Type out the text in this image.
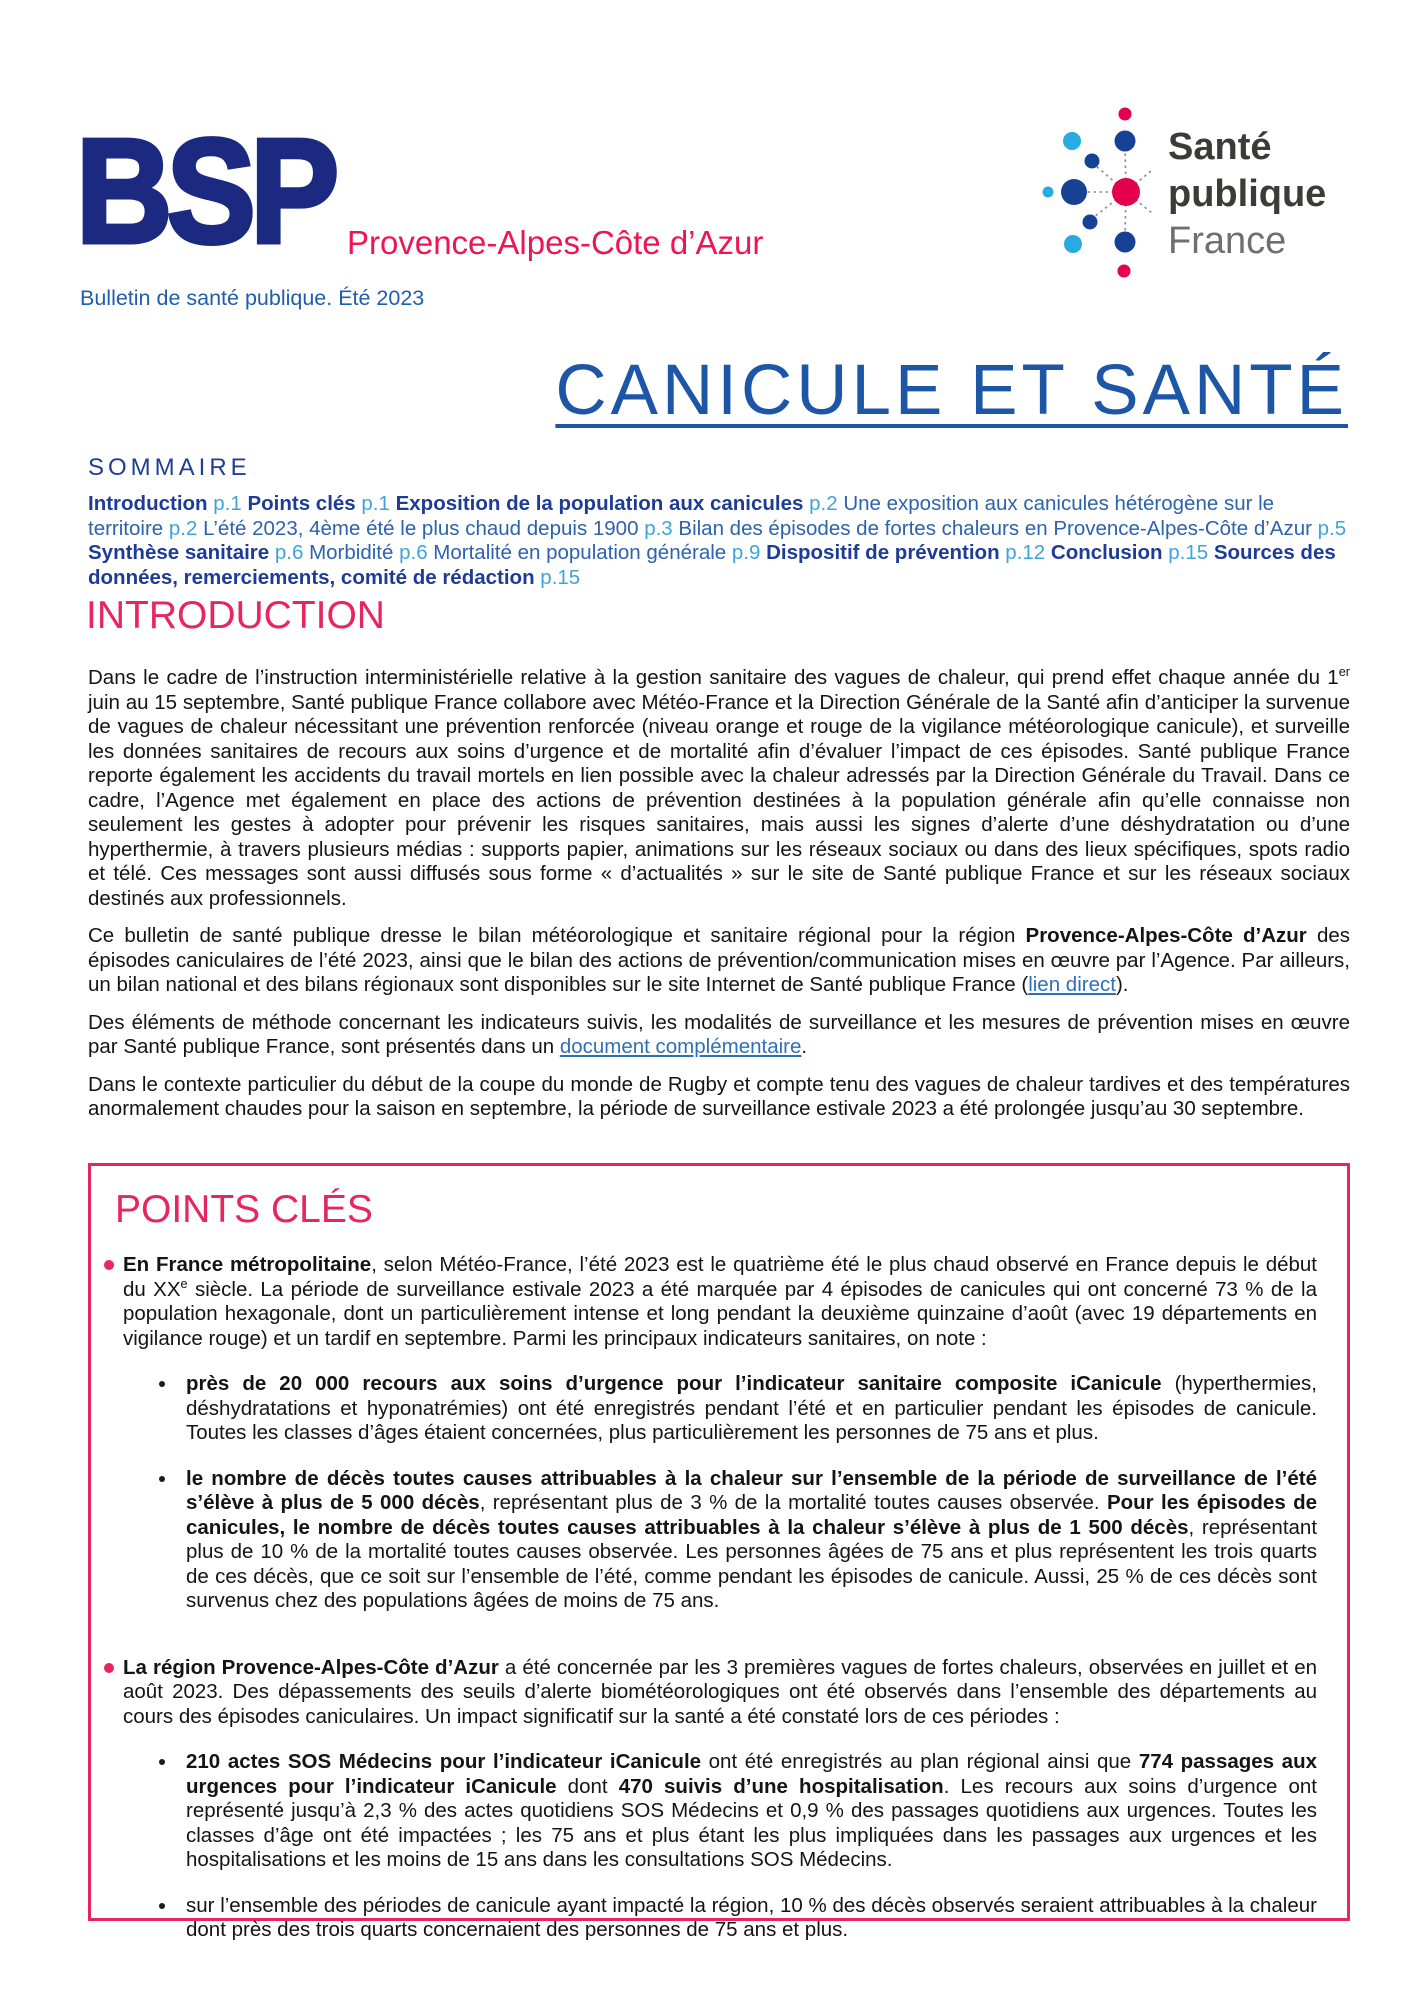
BSP Provence-Alpes-Côte d’Azur
Bulletin de santé publique. Été 2023
Santé
publique
France
CANICULE ET SANTÉ
SOMMAIRE

Introduction p.1 Points clés p.1 Exposition de la population aux canicules p.2 Une exposition aux canicules hétérogène sur le territoire p.2 L’été 2023, 4ème été le plus chaud depuis 1900 p.3 Bilan des épisodes de fortes chaleurs en Provence-Alpes-Côte d’Azur p.5 Synthèse sanitaire p.6 Morbidité p.6 Mortalité en population générale p.9 Dispositif de prévention p.12 Conclusion p.15 Sources des données, remerciements, comité de rédaction p.15

INTRODUCTION

Dans le cadre de l’instruction interministérielle relative à la gestion sanitaire des vagues de chaleur, qui prend effet chaque année du 1er juin au 15 septembre, Santé publique France collabore avec Météo-France et la Direction Générale de la Santé afin d’anticiper la survenue de vagues de chaleur nécessitant une prévention renforcée (niveau orange et rouge de la vigilance météorologique canicule), et surveille les données sanitaires de recours aux soins d’urgence et de mortalité afin d’évaluer l’impact de ces épisodes. Santé publique France reporte également les accidents du travail mortels en lien possible avec la chaleur adressés par la Direction Générale du Travail. Dans ce cadre, l’Agence met également en place des actions de prévention destinées à la population générale afin qu’elle connaisse non seulement les gestes à adopter pour prévenir les risques sanitaires, mais aussi les signes d’alerte d’une déshydratation ou d’une hyperthermie, à travers plusieurs médias : supports papier, animations sur les réseaux sociaux ou dans des lieux spécifiques, spots radio et télé. Ces messages sont aussi diffusés sous forme « d’actualités » sur le site de Santé publique France et sur les réseaux sociaux destinés aux professionnels.

Ce bulletin de santé publique dresse le bilan météorologique et sanitaire régional pour la région Provence-Alpes-Côte d’Azur des épisodes caniculaires de l’été 2023, ainsi que le bilan des actions de prévention/communication mises en œuvre par l’Agence. Par ailleurs, un bilan national et des bilans régionaux sont disponibles sur le site Internet de Santé publique France (lien direct).

Des éléments de méthode concernant les indicateurs suivis, les modalités de surveillance et les mesures de prévention mises en œuvre par Santé publique France, sont présentés dans un document complémentaire.

Dans le contexte particulier du début de la coupe du monde de Rugby et compte tenu des vagues de chaleur tardives et des températures anormalement chaudes pour la saison en septembre, la période de surveillance estivale 2023 a été prolongée jusqu’au 30 septembre.

POINTS CLÉS

En France métropolitaine, selon Météo-France, l’été 2023 est le quatrième été le plus chaud observé en France depuis le début du XXe siècle. La période de surveillance estivale 2023 a été marquée par 4 épisodes de canicules qui ont concerné 73 % de la population hexagonale, dont un particulièrement intense et long pendant la deuxième quinzaine d’août (avec 19 départements en vigilance rouge) et un tardif en septembre. Parmi les principaux indicateurs sanitaires, on note :

près de 20 000 recours aux soins d’urgence pour l’indicateur sanitaire composite iCanicule (hyperthermies, déshydratations et hyponatrémies) ont été enregistrés pendant l’été et en particulier pendant les épisodes de canicule. Toutes les classes d’âges étaient concernées, plus particulièrement les personnes de 75 ans et plus.

le nombre de décès toutes causes attribuables à la chaleur sur l’ensemble de la période de surveillance de l’été s’élève à plus de 5 000 décès, représentant plus de 3 % de la mortalité toutes causes observée. Pour les épisodes de canicules, le nombre de décès toutes causes attribuables à la chaleur s’élève à plus de 1 500 décès, représentant plus de 10 % de la mortalité toutes causes observée. Les personnes âgées de 75 ans et plus représentent les trois quarts de ces décès, que ce soit sur l’ensemble de l’été, comme pendant les épisodes de canicule. Aussi, 25 % de ces décès sont survenus chez des populations âgées de moins de 75 ans.

La région Provence-Alpes-Côte d’Azur a été concernée par les 3 premières vagues de fortes chaleurs, observées en juillet et en août 2023. Des dépassements des seuils d’alerte biométéorologiques ont été observés dans l’ensemble des départements au cours des épisodes caniculaires. Un impact significatif sur la santé a été constaté lors de ces périodes :

210 actes SOS Médecins pour l’indicateur iCanicule ont été enregistrés au plan régional ainsi que 774 passages aux urgences pour l’indicateur iCanicule dont 470 suivis d’une hospitalisation. Les recours aux soins d’urgence ont représenté jusqu’à 2,3 % des actes quotidiens SOS Médecins et 0,9 % des passages quotidiens aux urgences. Toutes les classes d’âge ont été impactées ; les 75 ans et plus étant les plus impliquées dans les passages aux urgences et les hospitalisations et les moins de 15 ans dans les consultations SOS Médecins.

sur l’ensemble des périodes de canicule ayant impacté la région, 10 % des décès observés seraient attribuables à la chaleur dont près des trois quarts concernaient des personnes de 75 ans et plus.
